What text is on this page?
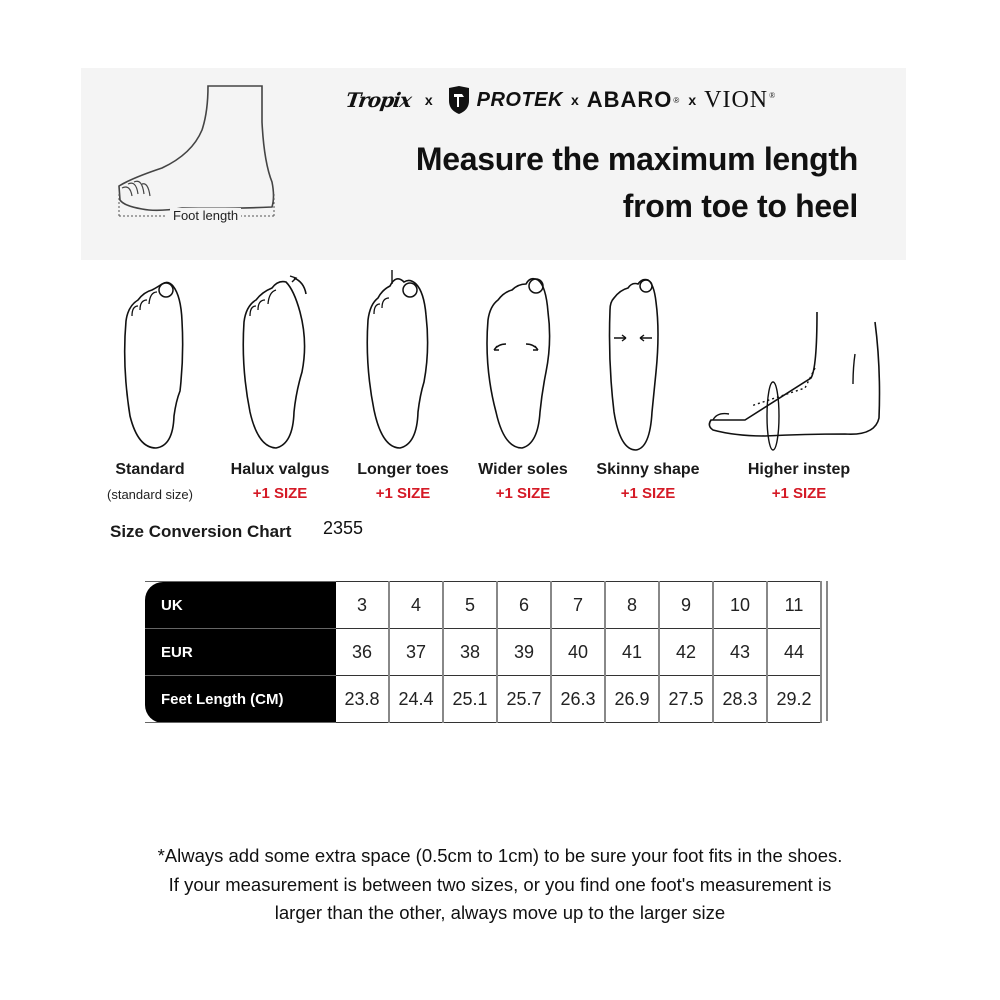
Foot length
Tropix x PROTEK x ABARO ® x VION®
Measure the maximum length
from toe to heel
Standard
(standard size)
Halux valgus
+1 SIZE
Longer toes
+1 SIZE
Wider soles
+1 SIZE
Skinny shape
+1 SIZE
Higher instep
+1 SIZE
Size Conversion Chart 2355
UK	3	4	5	6	7	8	9	10	11
EUR	36	37	38	39	40	41	42	43	44
Feet Length (CM)	23.8	24.4	25.1	25.7	26.3	26.9	27.5	28.3	29.2
*Always add some extra space (0.5cm to 1cm) to be sure your foot fits in the shoes.
If your measurement is between two sizes, or you find one foot's measurement is
larger than the other, always move up to the larger size
